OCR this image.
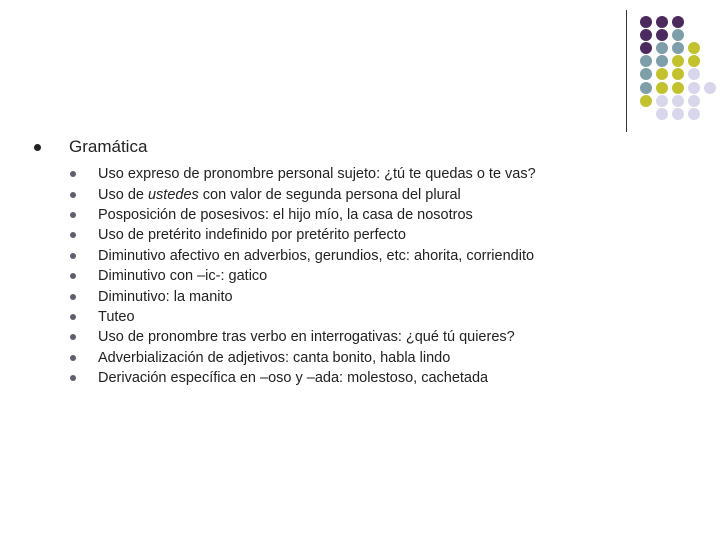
Gramática
Uso expreso de pronombre personal sujeto: ¿tú te quedas o te vas?
Uso de ustedes con valor de segunda persona del plural
Posposición de posesivos: el hijo mío, la casa de nosotros
Uso de pretérito indefinido por pretérito perfecto
Diminutivo afectivo en adverbios, gerundios, etc: ahorita, corriendito
Diminutivo con –ic-: gatico
Diminutivo: la manito
Tuteo
Uso de pronombre tras verbo en interrogativas: ¿qué tú quieres?
Adverbialización de adjetivos: canta bonito, habla lindo
Derivación específica en –oso y –ada: molestoso, cachetada
